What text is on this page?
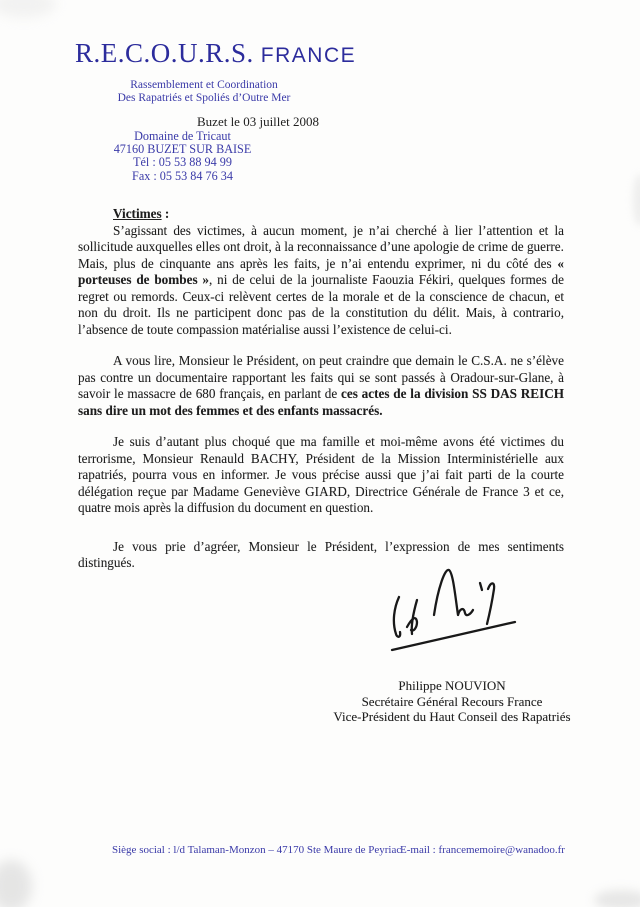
R.E.C.O.U.R.S. FRANCE
Rassemblement et Coordination
Des Rapatriés et Spoliés d’Outre Mer
Buzet le 03 juillet 2008
Domaine de Tricaut
47160 BUZET SUR BAISE
Tél : 05 53 88 94 99
Fax : 05 53 84 76 34

Victimes :

S’agissant des victimes, à aucun moment, je n’ai cherché à lier l’attention et la sollicitude auxquelles elles ont droit, à la reconnaissance d’une apologie de crime de guerre.

Mais, plus de cinquante ans après les faits, je n’ai entendu exprimer, ni du côté des « porteuses de bombes », ni de celui de la journaliste Faouzia Fékiri, quelques formes de regret ou remords. Ceux-ci relèvent certes de la morale et de la conscience de chacun, et non du droit. Ils ne participent donc pas de la constitution du délit. Mais, à contrario, l’absence de toute compassion matérialise aussi l’existence de celui-ci.

A vous lire, Monsieur le Président, on peut craindre que demain le C.S.A. ne s’élève pas contre un documentaire rapportant les faits qui se sont passés à Oradour-sur-Glane, à savoir le massacre de 680 français, en parlant de ces actes de la division SS DAS REICH sans dire un mot des femmes et des enfants massacrés.

Je suis d’autant plus choqué que ma famille et moi-même avons été victimes du terrorisme, Monsieur Renauld BACHY, Président de la Mission Interministérielle aux rapatriés, pourra vous en informer. Je vous précise aussi que j’ai fait parti de la courte délégation reçue par Madame Geneviève GIARD, Directrice Générale de France 3 et ce, quatre mois après la diffusion du document en question.

Je vous prie d’agréer, Monsieur le Président, l’expression de mes sentiments distingués.

Philippe NOUVION
Secrétaire Général Recours France
Vice-Président du Haut Conseil des Rapatriés
Siège social : l/d Talaman-Monzon – 47170 Ste Maure de Peyriac
E-mail : francememoire@wanadoo.fr
